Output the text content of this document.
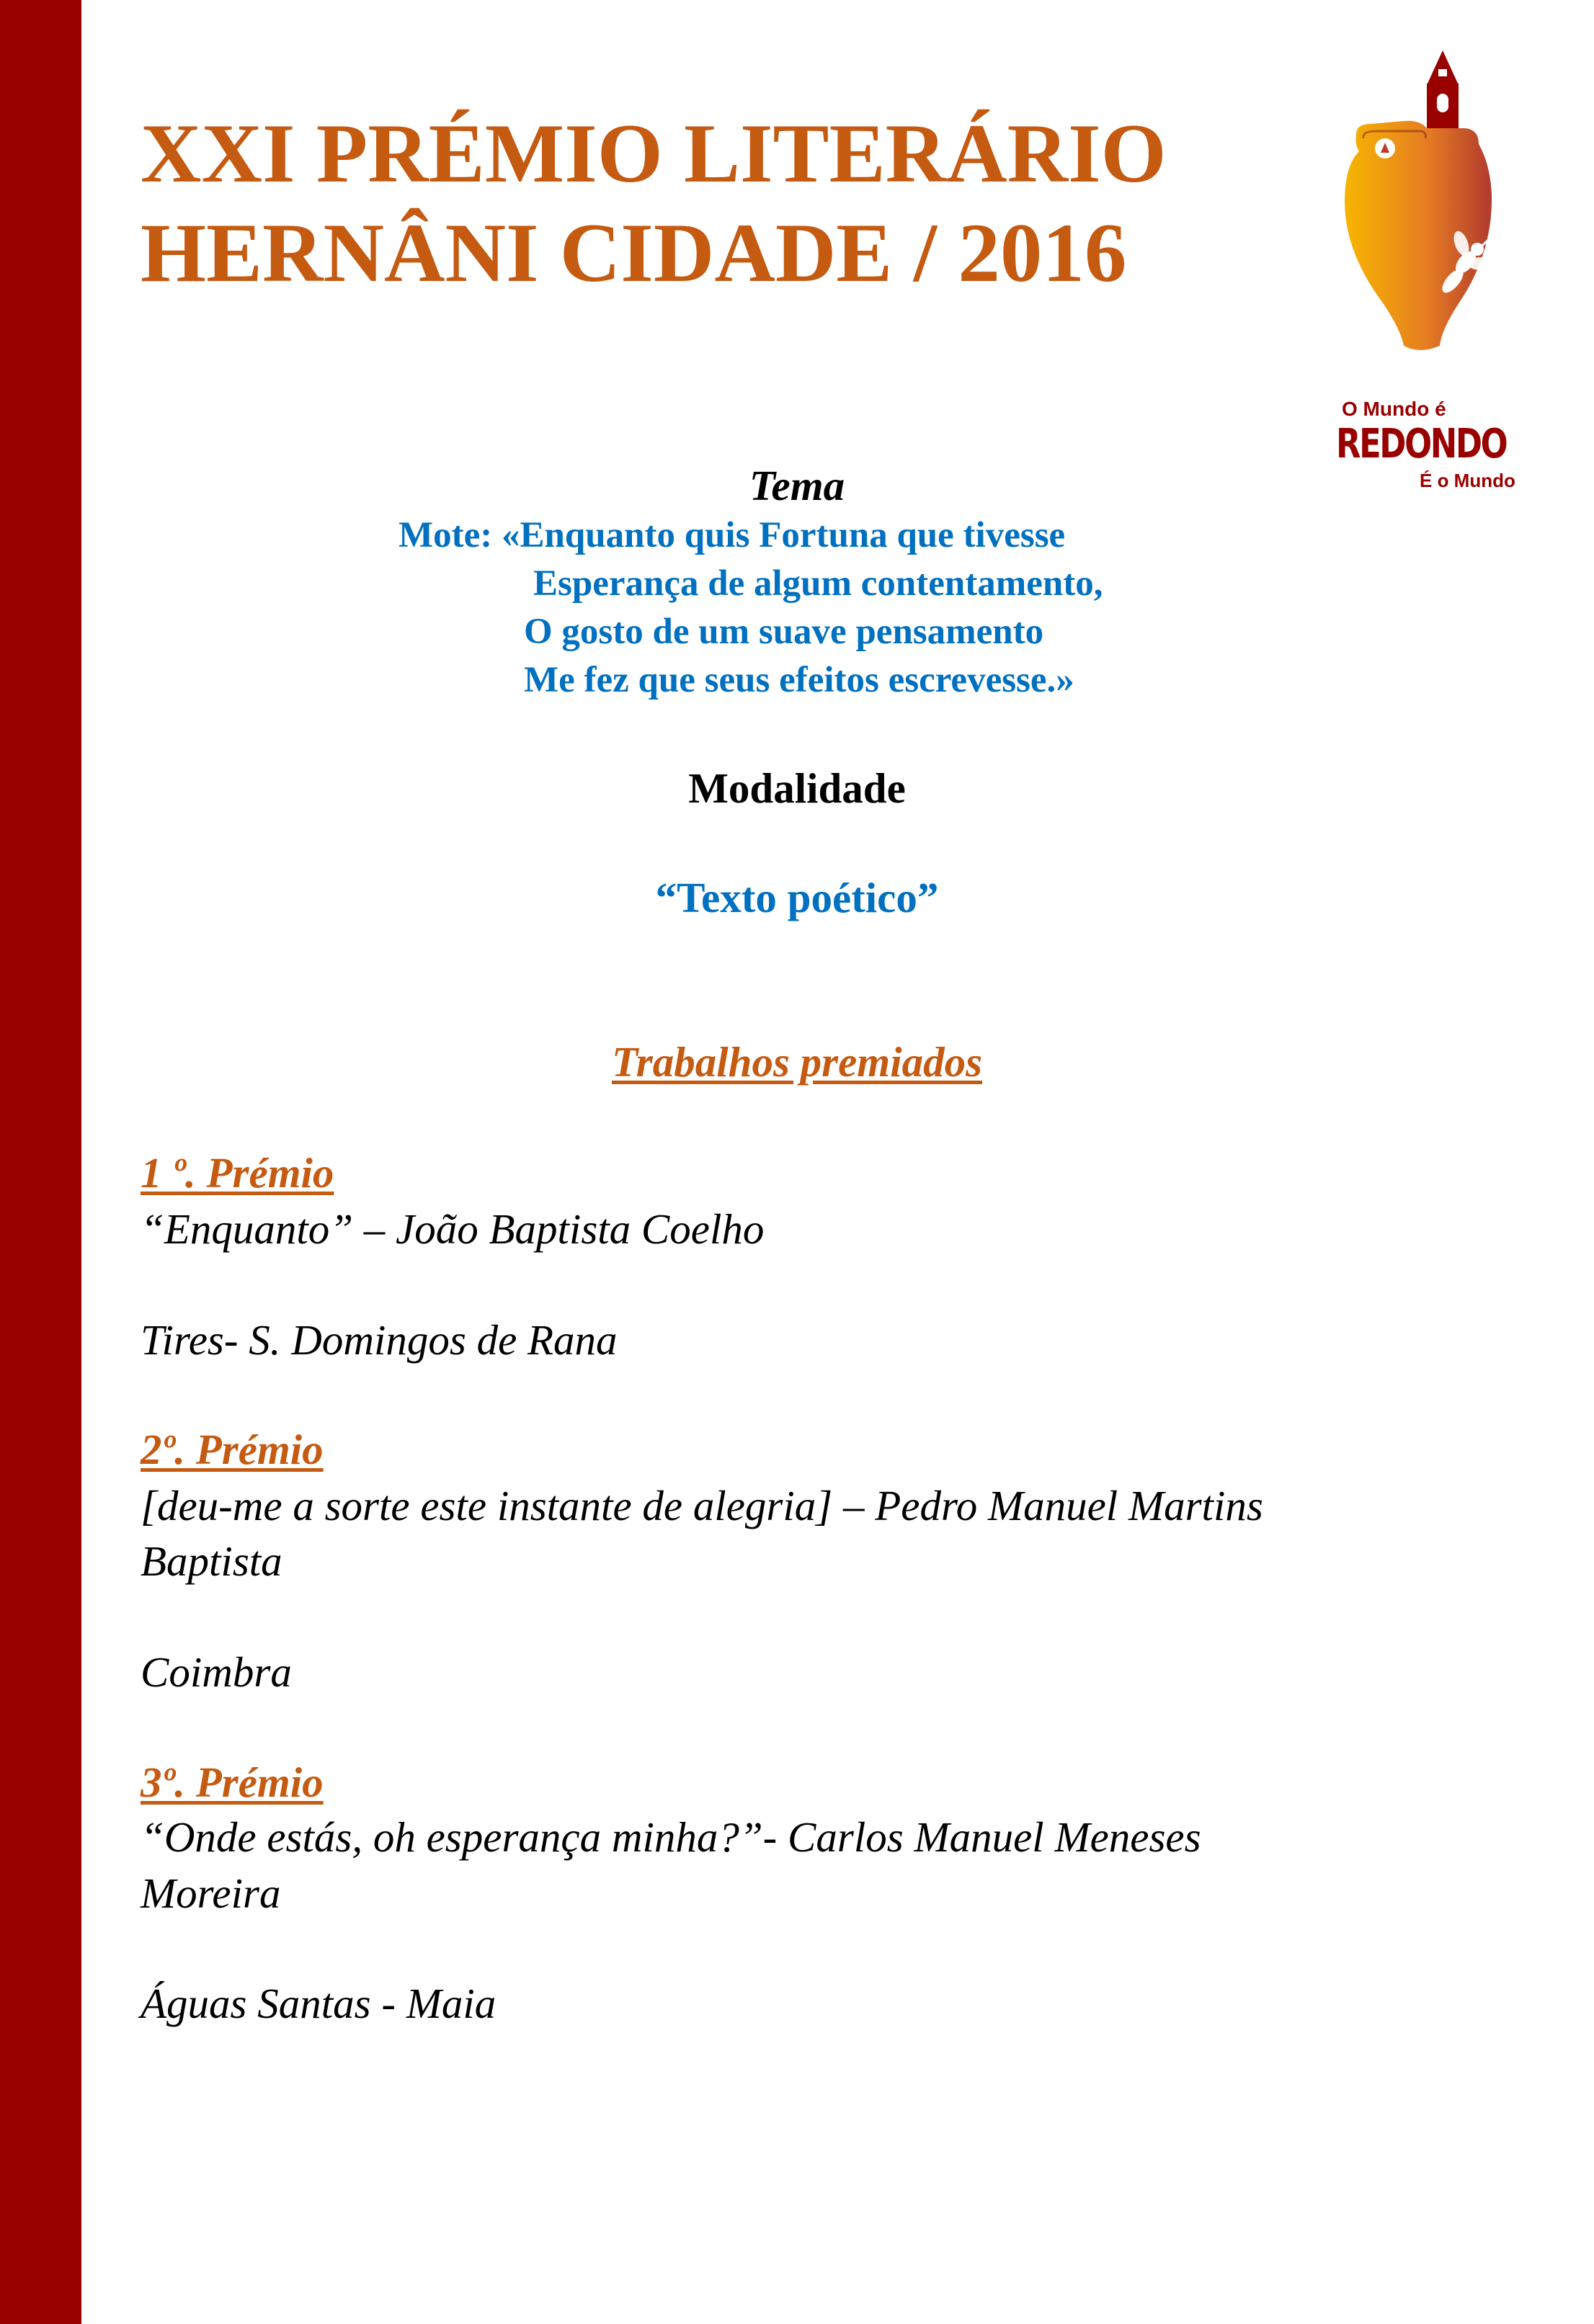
XXI PRÉMIO LITERÁRIO
HERNÂNI CIDADE / 2016
O Mundo é
REDONDO
É o Mundo

Tema

Mote: «Enquanto quis Fortuna que tivesse

Esperança de algum contentamento,

O gosto de um suave pensamento

Me fez que seus efeitos escrevesse.»

Modalidade

“Texto poético”

Trabalhos premiados

1 º. Prémio

“Enquanto” – João Baptista Coelho

Tires- S. Domingos de Rana

2º. Prémio

[deu-me a sorte este instante de alegria] – Pedro Manuel Martins

Baptista

Coimbra

3º. Prémio

“Onde estás, oh esperança minha?”- Carlos Manuel Meneses

Moreira

Águas Santas - Maia
